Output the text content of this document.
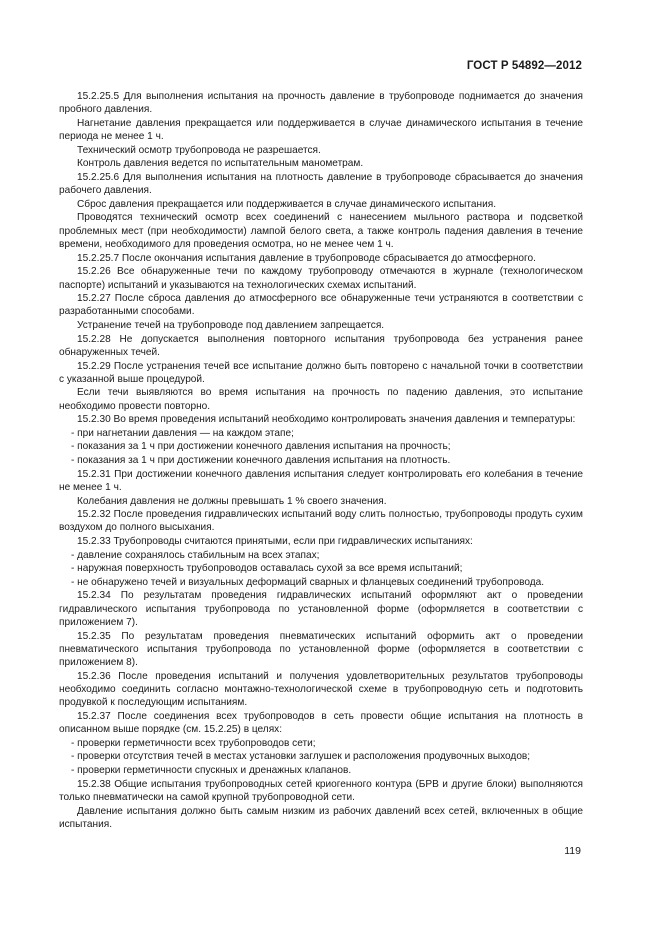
ГОСТ Р 54892—2012

15.2.25.5 Для выполнения испытания на прочность давление в трубопроводе поднимается до значения пробного давления.

Нагнетание давления прекращается или поддерживается в случае динамического испытания в течение периода не менее 1 ч.

Технический осмотр трубопровода не разрешается.

Контроль давления ведется по испытательным манометрам.

15.2.25.6 Для выполнения испытания на плотность давление в трубопроводе сбрасывается до значения рабочего давления.

Сброс давления прекращается или поддерживается в случае динамического испытания.

Проводятся технический осмотр всех соединений с нанесением мыльного раствора и подсветкой проблемных мест (при необходимости) лампой белого света, а также контроль падения давления в течение времени, необходимого для проведения осмотра, но не менее чем 1 ч.

15.2.25.7 После окончания испытания давление в трубопроводе сбрасывается до атмосферного.

15.2.26 Все обнаруженные течи по каждому трубопроводу отмечаются в журнале (технологическом паспорте) испытаний и указываются на технологических схемах испытаний.

15.2.27 После сброса давления до атмосферного все обнаруженные течи устраняются в соответствии с разработанными способами.

Устранение течей на трубопроводе под давлением запрещается.

15.2.28 Не допускается выполнения повторного испытания трубопровода без устранения ранее обнаруженных течей.

15.2.29 После устранения течей все испытание должно быть повторено с начальной точки в соответствии с указанной выше процедурой.

Если течи выявляются во время испытания на прочность по падению давления, это испытание необходимо провести повторно.

15.2.30 Во время проведения испытаний необходимо контролировать значения давления и температуры:

- при нагнетании давления — на каждом этапе;

- показания за 1 ч при достижении конечного давления испытания на прочность;

- показания за 1 ч при достижении конечного давления испытания на плотность.

15.2.31 При достижении конечного давления испытания следует контролировать его колебания в течение не менее 1 ч.

Колебания давления не должны превышать 1 % своего значения.

15.2.32 После проведения гидравлических испытаний воду слить полностью, трубопроводы продуть сухим воздухом до полного высыхания.

15.2.33 Трубопроводы считаются принятыми, если при гидравлических испытаниях:

- давление сохранялось стабильным на всех этапах;

- наружная поверхность трубопроводов оставалась сухой за все время испытаний;

- не обнаружено течей и визуальных деформаций сварных и фланцевых соединений трубопровода.

15.2.34 По результатам проведения гидравлических испытаний оформляют акт о проведении гидравлического испытания трубопровода по установленной форме (оформляется в соответствии с приложением 7).

15.2.35 По результатам проведения пневматических испытаний оформить акт о проведении пневматического испытания трубопровода по установленной форме (оформляется в соответствии с приложением 8).

15.2.36 После проведения испытаний и получения удовлетворительных результатов трубопроводы необходимо соединить согласно монтажно-технологической схеме в трубопроводную сеть и подготовить продувкой к последующим испытаниям.

15.2.37 После соединения всех трубопроводов в сеть провести общие испытания на плотность в описанном выше порядке (см. 15.2.25) в целях:

- проверки герметичности всех трубопроводов сети;

- проверки отсутствия течей в местах установки заглушек и расположения продувочных выходов;

- проверки герметичности спускных и дренажных клапанов.

15.2.38 Общие испытания трубопроводных сетей криогенного контура (БРВ и другие блоки) выполняются только пневматически на самой крупной трубопроводной сети.

Давление испытания должно быть самым низким из рабочих давлений всех сетей, включенных в общие испытания.

119
